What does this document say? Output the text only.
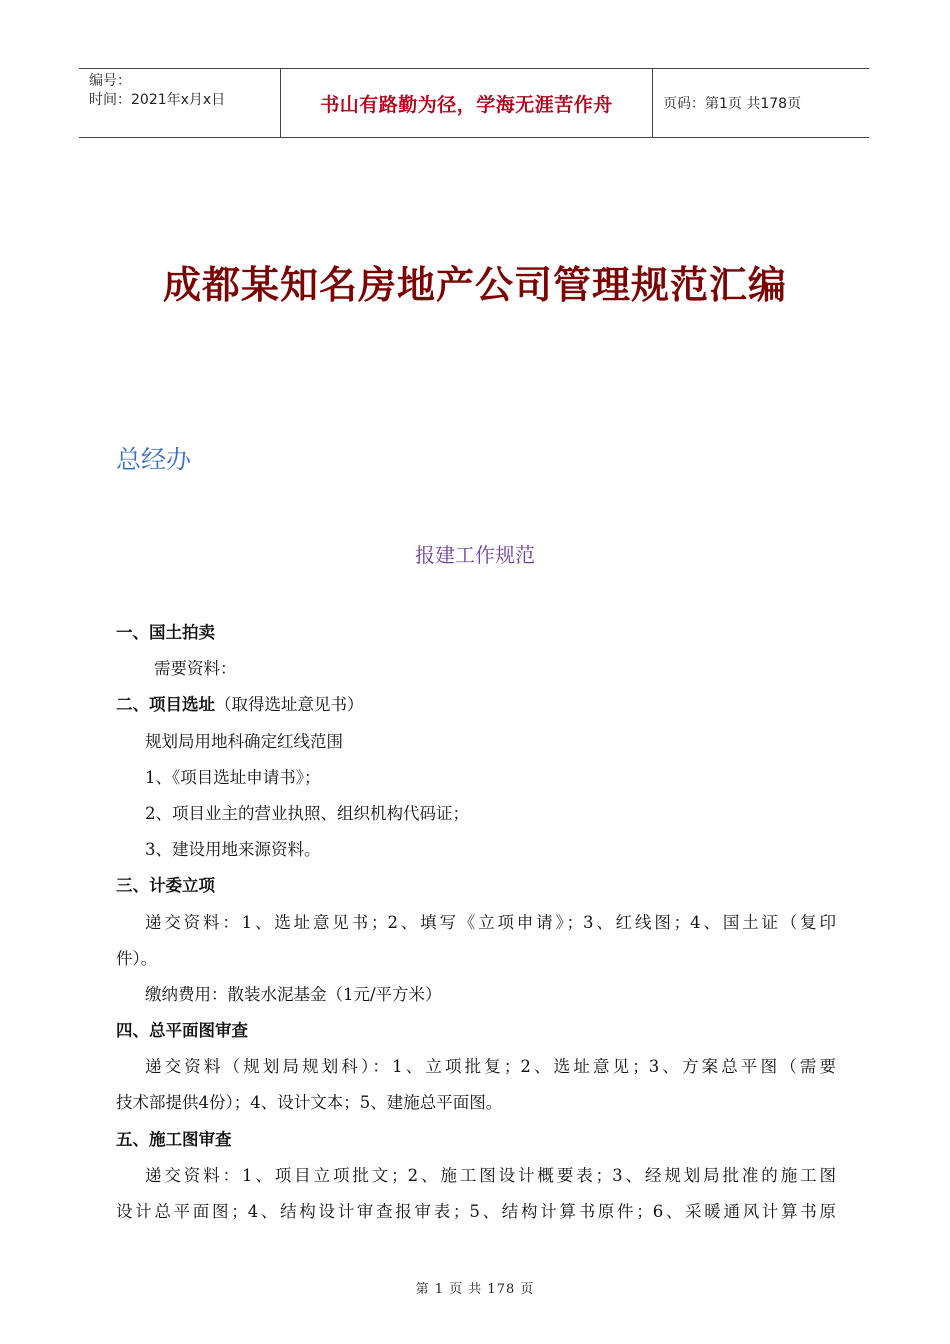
编号：
时间：2021年x月x日	书山有路勤为径，学海无涯苦作舟	页码：第1页 共178页
成都某知名房地产公司管理规范汇编
总经办
报建工作规范
一、国土拍卖
需要资料：
二、项目选址（取得选址意见书）
规划局用地科确定红线范围
1、《项目选址申请书》；
2、项目业主的营业执照、组织机构代码证；
3、建设用地来源资料。
三、计委立项
递交资料：1、选址意见书；2、填写《立项申请》；3、红线图；4、国土证（复印
件）。
缴纳费用：散装水泥基金（1元/平方米）
四、总平面图审查
递交资料（规划局规划科）：1、立项批复；2、选址意见；3、方案总平图（需要
技术部提供4份）；4、设计文本；5、建施总平面图。
五、施工图审查
递交资料：1、项目立项批文；2、施工图设计概要表；3、经规划局批准的施工图
设计总平面图；4、结构设计审查报审表；5、结构计算书原件；6、采暖通风计算书原
第 1 页 共 178 页
